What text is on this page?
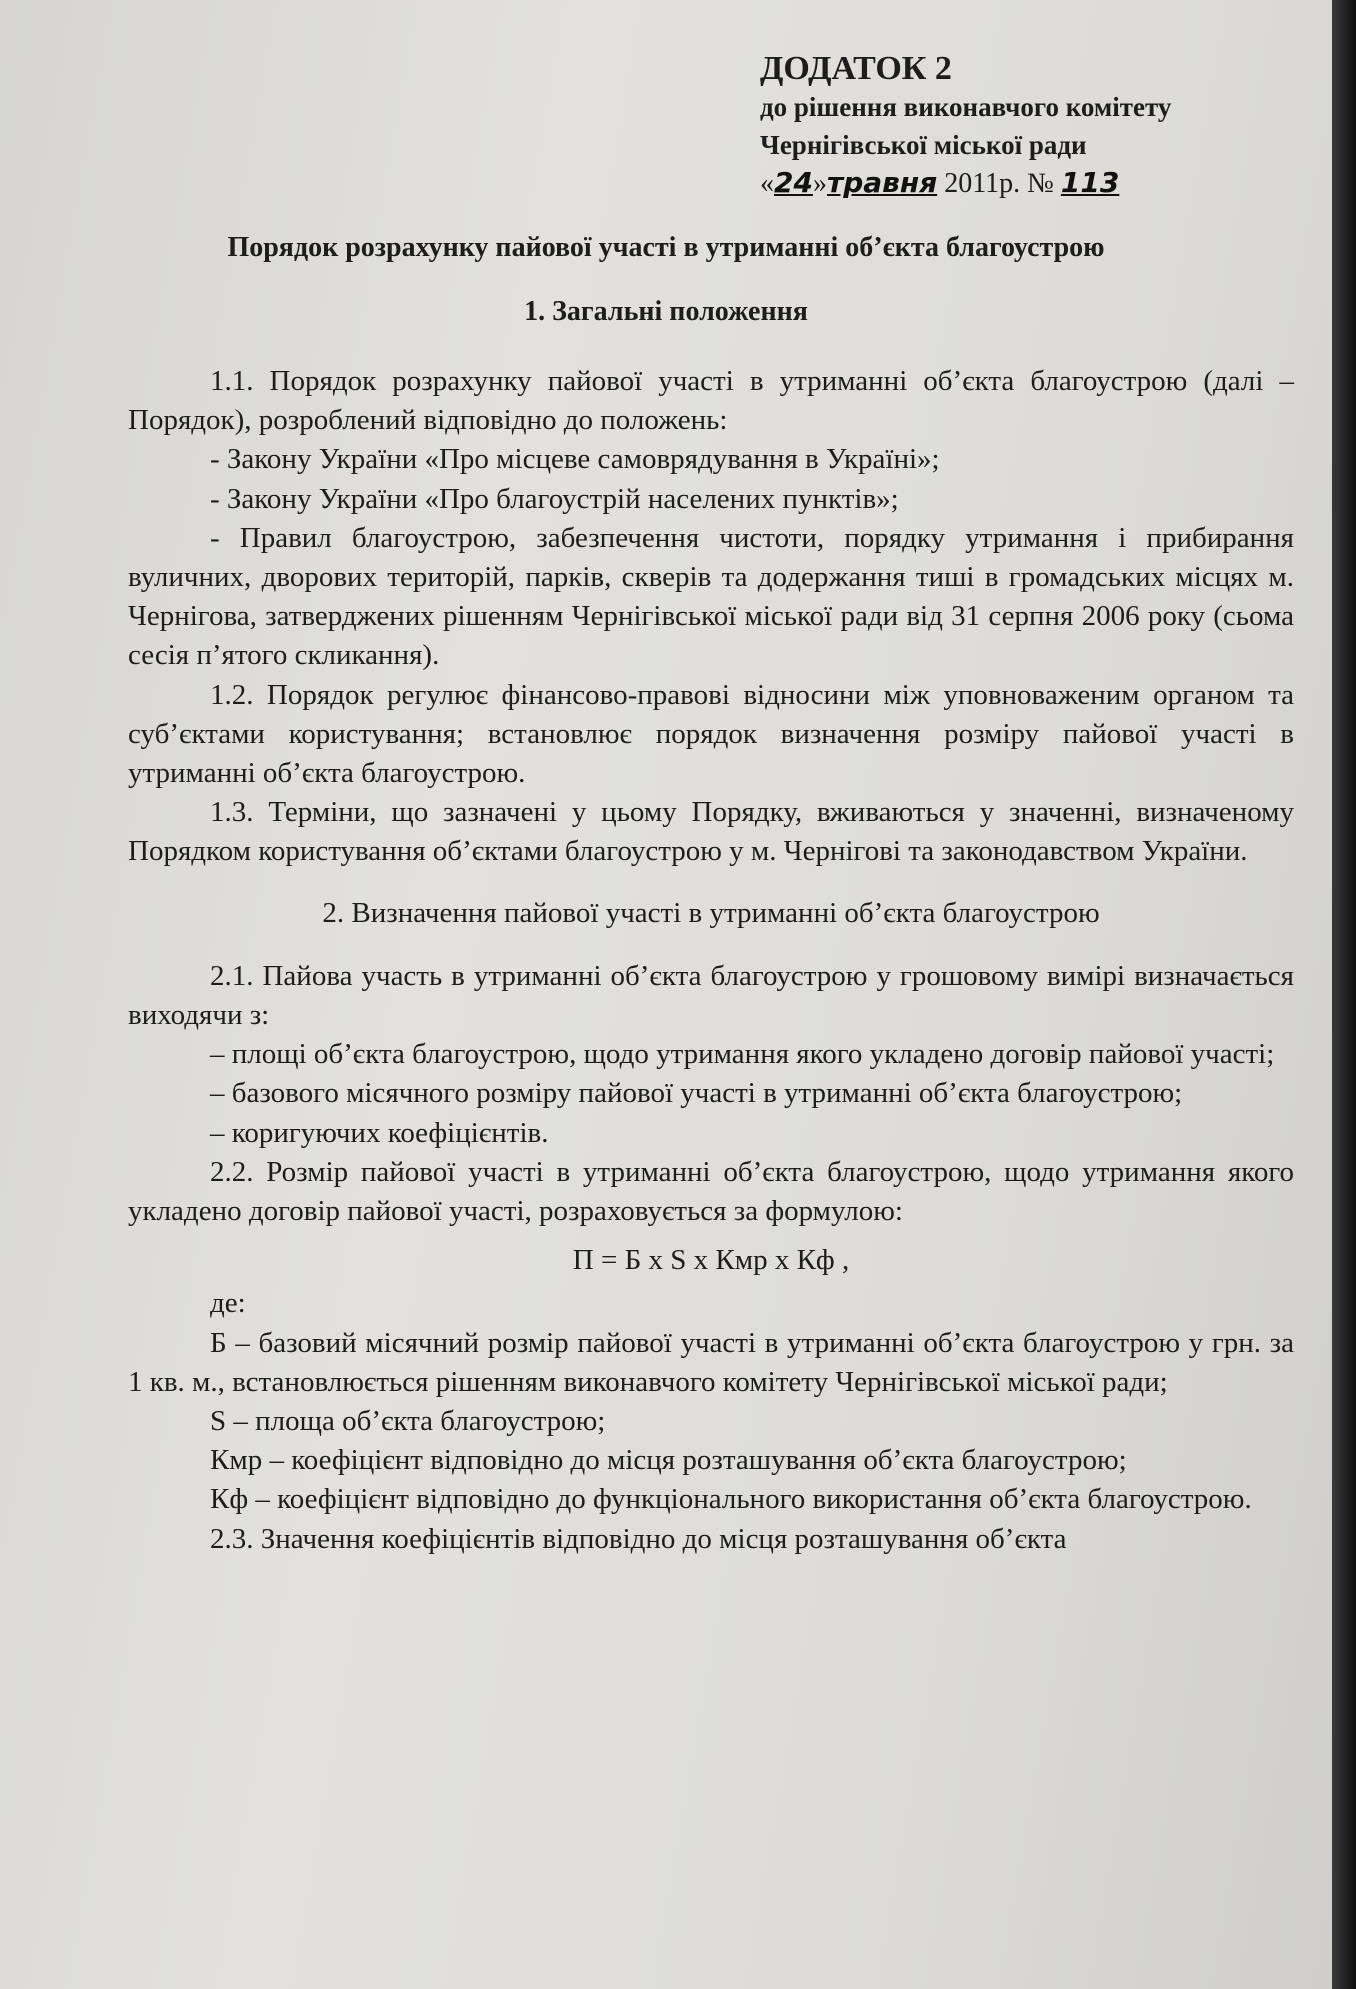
ДОДАТОК 2
до рішення виконавчого комітету
Чернігівської міської ради
«24»травня 2011р. № 113
Порядок розрахунку пайової участі в утриманні об’єкта благоустрою
1. Загальні положення

1.1. Порядок розрахунку пайової участі в утриманні об’єкта благоустрою (далі – Порядок), розроблений відповідно до положень:

- Закону України «Про місцеве самоврядування в Україні»;

- Закону України «Про благоустрій населених пунктів»;

- Правил благоустрою, забезпечення чистоти, порядку утримання і прибирання вуличних, дворових територій, парків, скверів та додержання тиші в громадських місцях м. Чернігова, затверджених рішенням Чернігівської міської ради від 31 серпня 2006 року (сьома сесія п’ятого скликання).

1.2. Порядок регулює фінансово-правові відносини між уповноваженим органом та суб’єктами користування; встановлює порядок визначення розміру пайової участі в утриманні об’єкта благоустрою.

1.3. Терміни, що зазначені у цьому Порядку, вживаються у значенні, визначеному Порядком користування об’єктами благоустрою у м. Чернігові та законодавством України.

2. Визначення пайової участі в утриманні об’єкта благоустрою

2.1. Пайова участь в утриманні об’єкта благоустрою у грошовому вимірі визначається виходячи з:

– площі об’єкта благоустрою, щодо утримання якого укладено договір пайової участі;

– базового місячного розміру пайової участі в утриманні об’єкта благоустрою;

– коригуючих коефіцієнтів.

2.2. Розмір пайової участі в утриманні об’єкта благоустрою, щодо утримання якого укладено договір пайової участі, розраховується за формулою:

П = Б х S х Кмр х Кф ,

де:

Б – базовий місячний розмір пайової участі в утриманні об’єкта благоустрою у грн. за 1 кв. м., встановлюється рішенням виконавчого комітету Чернігівської міської ради;

S – площа об’єкта благоустрою;

Кмр – коефіцієнт відповідно до місця розташування об’єкта благоустрою;

Кф – коефіцієнт відповідно до функціонального використання об’єкта благоустрою.

2.3. Значення коефіцієнтів відповідно до місця розташування об’єкта
